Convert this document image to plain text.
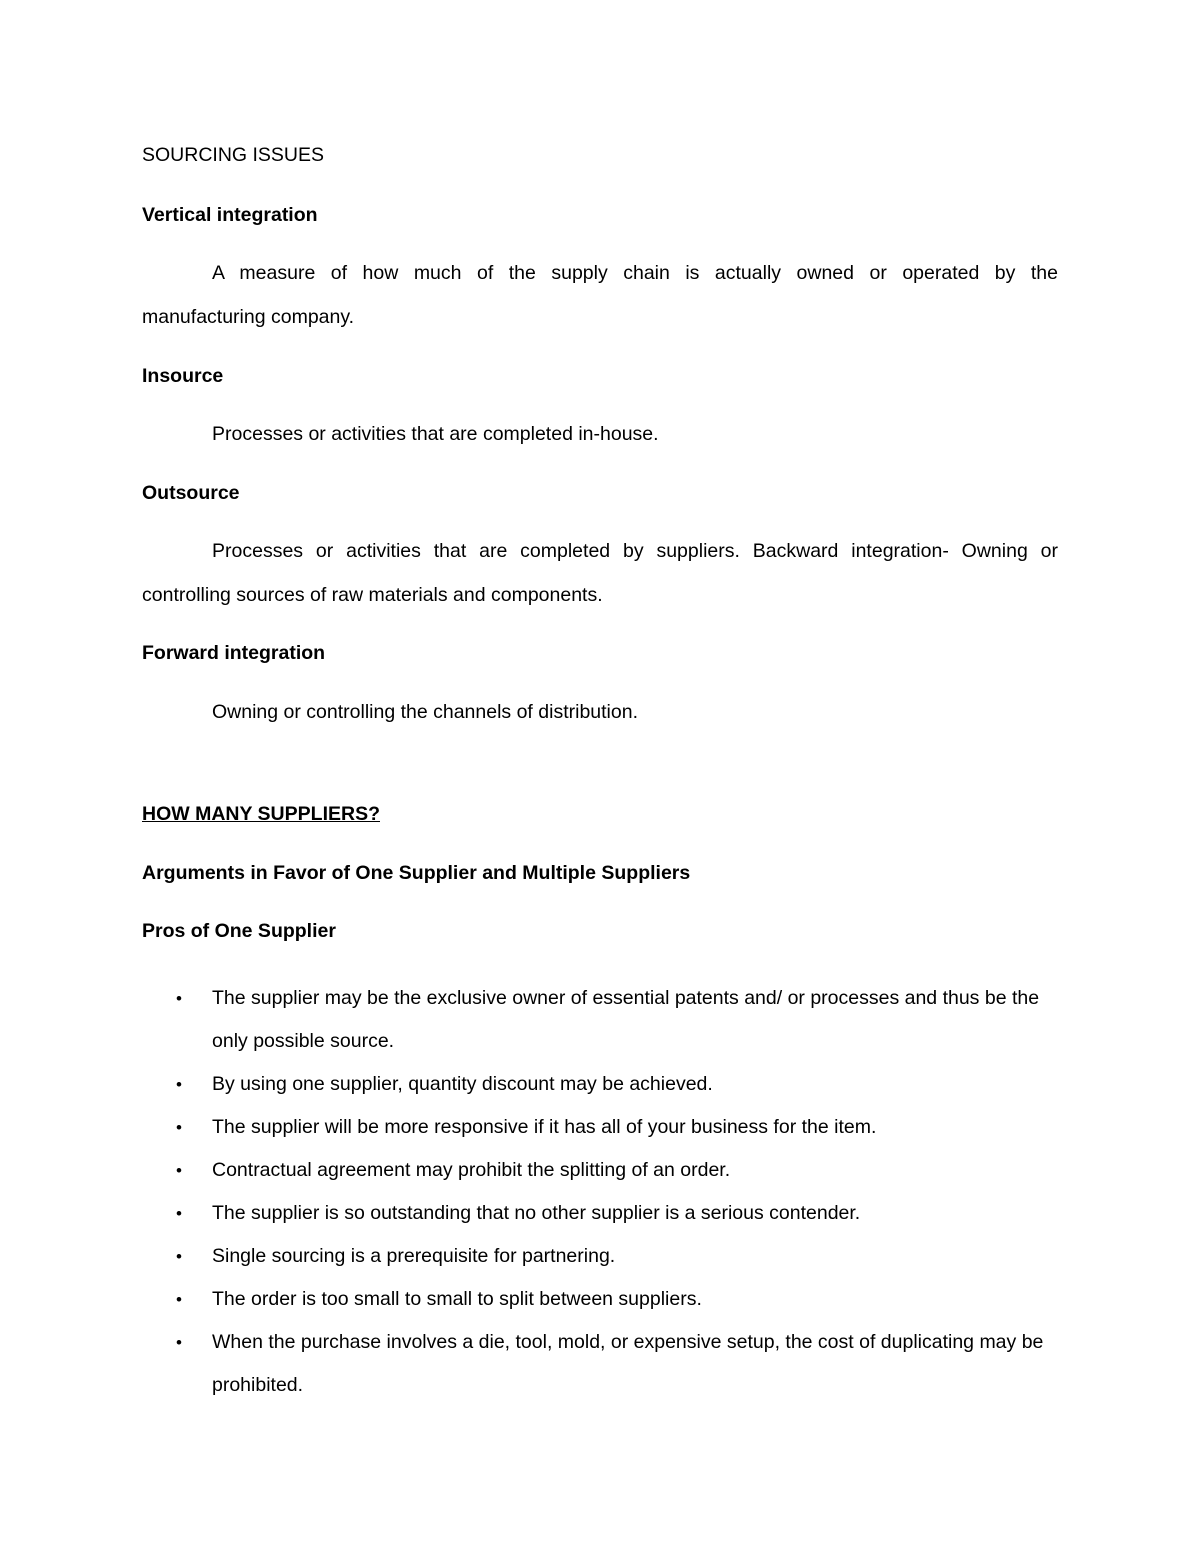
SOURCING ISSUES

Vertical integration

A measure of how much of the supply chain is actually owned or operated by the

manufacturing company.

Insource

Processes or activities that are completed in-house.

Outsource

Processes or activities that are completed by suppliers. Backward integration- Owning or

controlling sources of raw materials and components.

Forward integration

Owning or controlling the channels of distribution.

HOW MANY SUPPLIERS?

Arguments in Favor of One Supplier and Multiple Suppliers

Pros of One Supplier

• The supplier may be the exclusive owner of essential patents and/ or processes and thus be the only possible source.
• By using one supplier, quantity discount may be achieved.
• The supplier will be more responsive if it has all of your business for the item.
• Contractual agreement may prohibit the splitting of an order.
• The supplier is so outstanding that no other supplier is a serious contender.
• Single sourcing is a prerequisite for partnering.
• The order is too small to small to split between suppliers.
• When the purchase involves a die, tool, mold, or expensive setup, the cost of duplicating may be prohibited.
